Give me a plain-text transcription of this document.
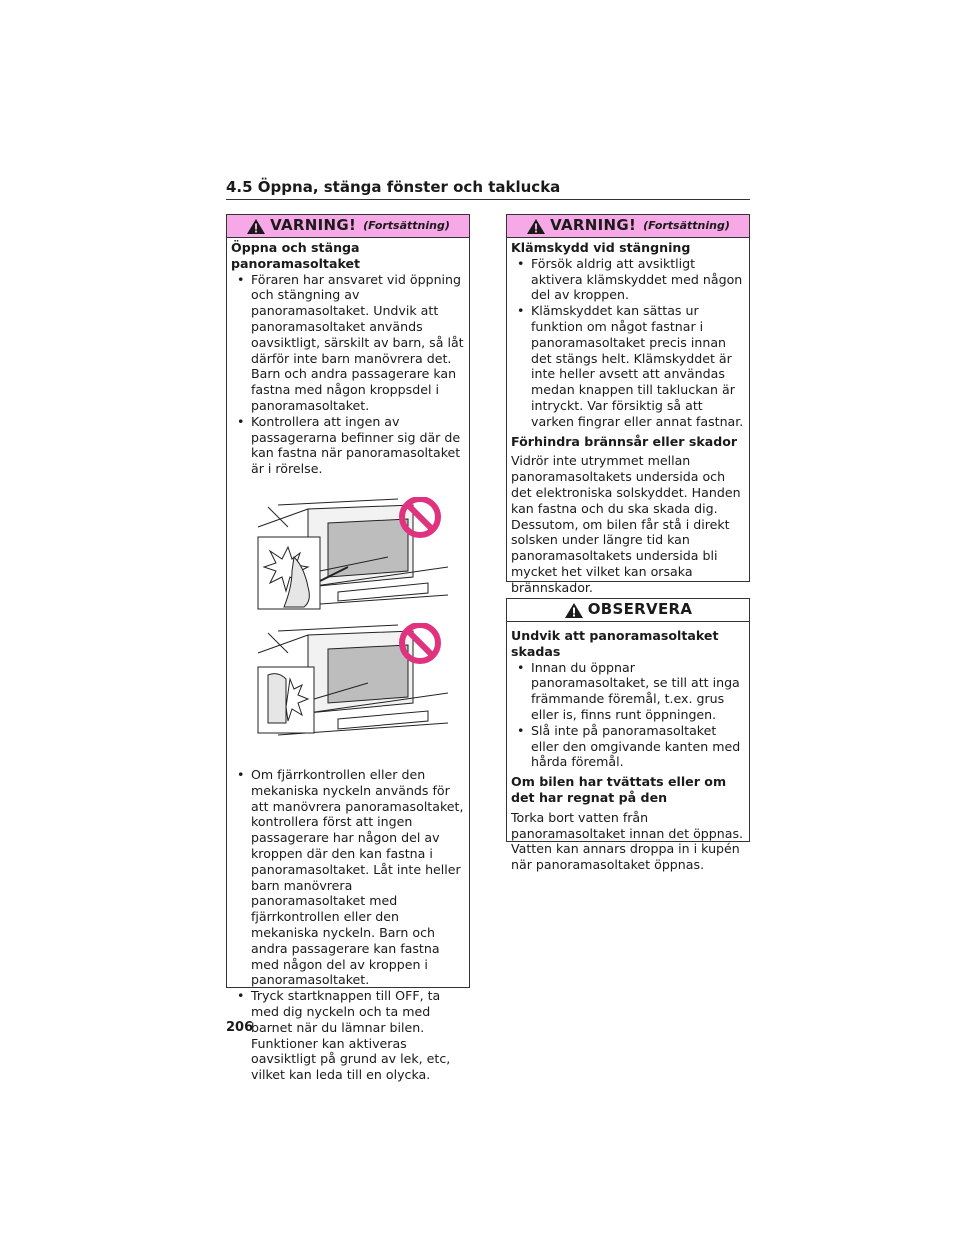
4.5 Öppna, stänga fönster och taklucka
VARNING! (Fortsättning)

Öppna och stänga panoramasoltaket

• Föraren har ansvaret vid öppning och stängning av panoramasoltaket. Undvik att panoramasoltaket används oavsiktligt, särskilt av barn, så låt därför inte barn manövrera det. Barn och andra passagerare kan fastna med någon kroppsdel i panoramasoltaket.
• Kontrollera att ingen av passagerarna befinner sig där de kan fastna när panoramasoltaket är i rörelse.
• Om fjärrkontrollen eller den mekaniska nyckeln används för att manövrera panoramasoltaket, kontrollera först att ingen passagerare har någon del av kroppen där den kan fastna i panoramasoltaket. Låt inte heller barn manövrera panoramasoltaket med fjärrkontrollen eller den mekaniska nyckeln. Barn och andra passagerare kan fastna med någon del av kroppen i panoramasoltaket.
• Tryck startknappen till OFF, ta med dig nyckeln och ta med barnet när du lämnar bilen. Funktioner kan aktiveras oavsiktligt på grund av lek, etc, vilket kan leda till en olycka.
VARNING! (Fortsättning)

Klämskydd vid stängning

• Försök aldrig att avsiktligt aktivera klämskyddet med någon del av kroppen.
• Klämskyddet kan sättas ur funktion om något fastnar i panoramasoltaket precis innan det stängs helt. Klämskyddet är inte heller avsett att användas medan knappen till takluckan är intryckt. Var försiktig så att varken fingrar eller annat fastnar.

Förhindra brännsår eller skador

Vidrör inte utrymmet mellan panoramasoltakets undersida och det elektroniska solskyddet. Handen kan fastna och du ska skada dig. Dessutom, om bilen får stå i direkt solsken under längre tid kan panoramasoltakets undersida bli mycket het vilket kan orsaka brännskador.

OBSERVERA

Undvik att panoramasoltaket skadas

• Innan du öppnar panoramasoltaket, se till att inga främmande föremål, t.ex. grus eller is, finns runt öppningen.
• Slå inte på panoramasoltaket eller den omgivande kanten med hårda föremål.

Om bilen har tvättats eller om det har regnat på den

Torka bort vatten från panoramasoltaket innan det öppnas. Vatten kan annars droppa in i kupén när panoramasoltaket öppnas.

206
